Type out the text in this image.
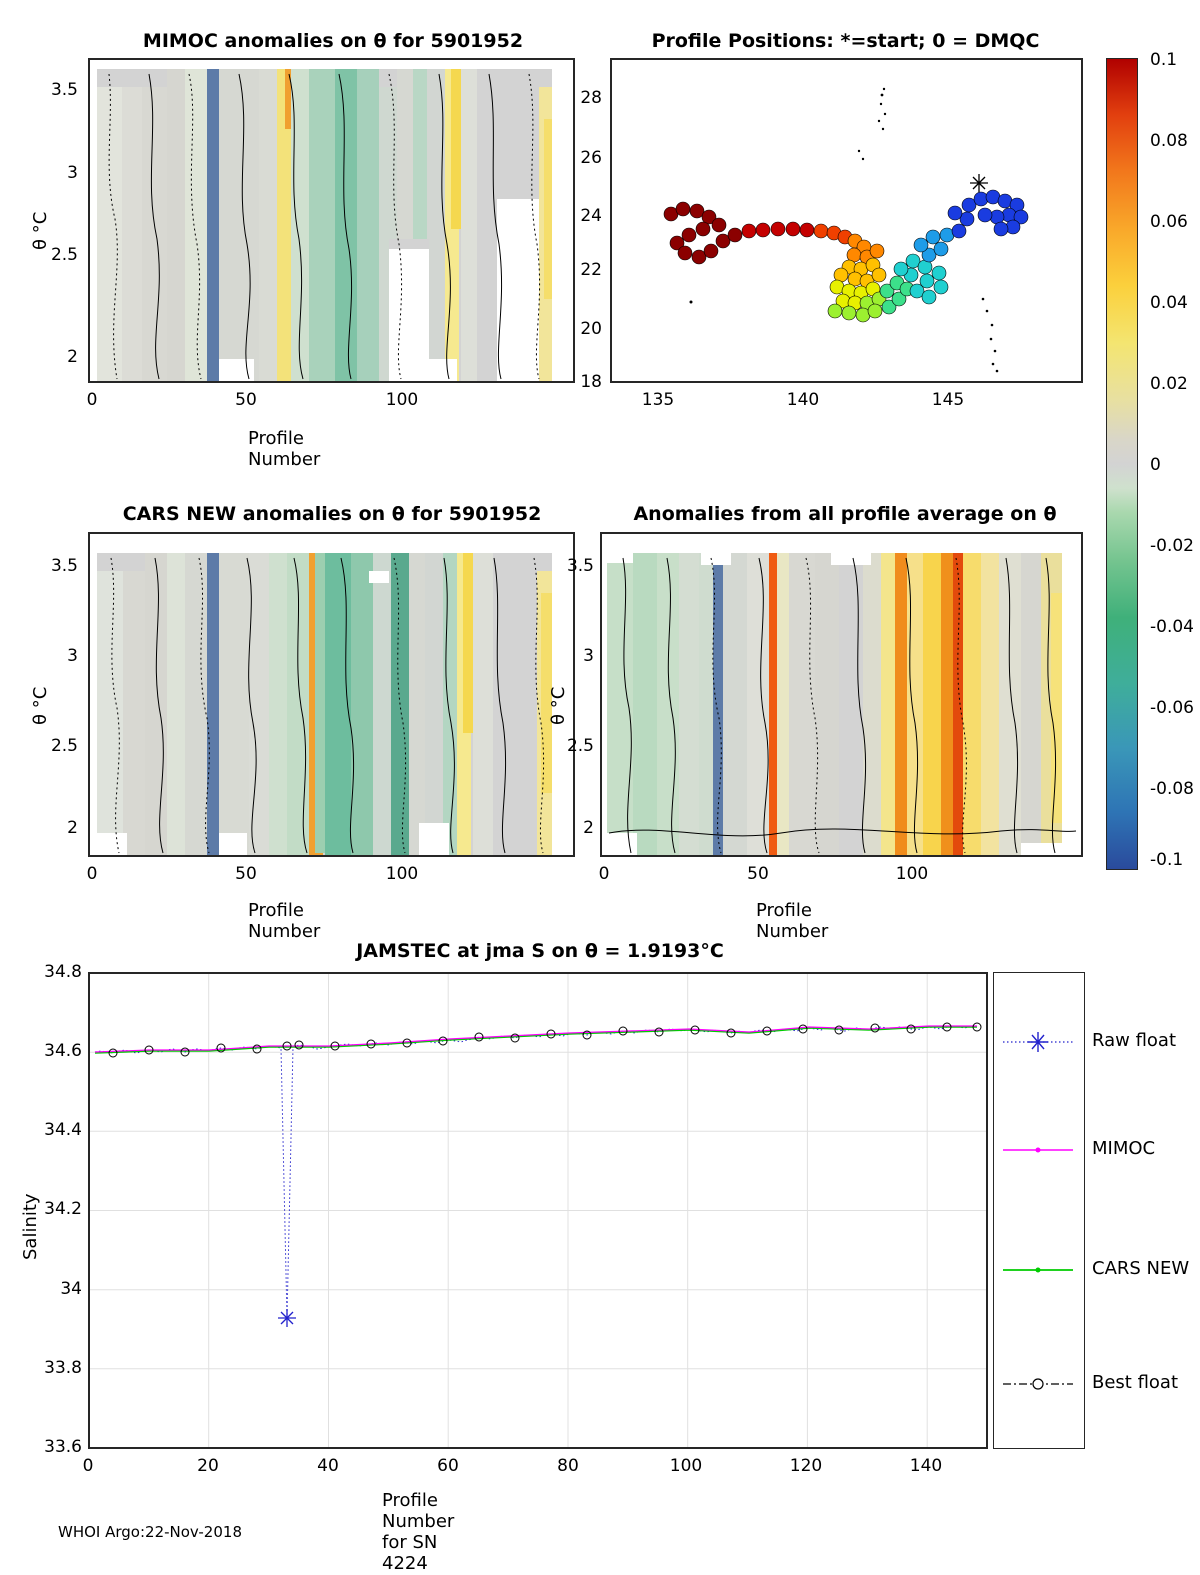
MIMOC anomalies on θ for 5901952
2
2.5
3
3.5
0	50	100
Profile Number
θ °C
Profile Positions: *=start; 0 = DMQC
18
20
22
24
26
28
135	140	145
0.1
0.08
0.06
0.04
0.02
0
-0.02
-0.04
-0.06
-0.08
-0.1
CARS NEW anomalies on θ for 5901952
2
2.5
3
3.5
0	50	100
Profile Number
θ °C
Anomalies from all profile average on θ
2
2.5
3
3.5
0	50	100
Profile Number
θ °C
JAMSTEC at jma S on θ = 1.9193°C
33.6
33.8
34
34.2
34.4
34.6
34.8
0	20	40	60	80	100	120	140
Profile Number for SN 4224
Salinity
Raw float
MIMOC
CARS NEW
Best float
WHOI Argo:22-Nov-2018
